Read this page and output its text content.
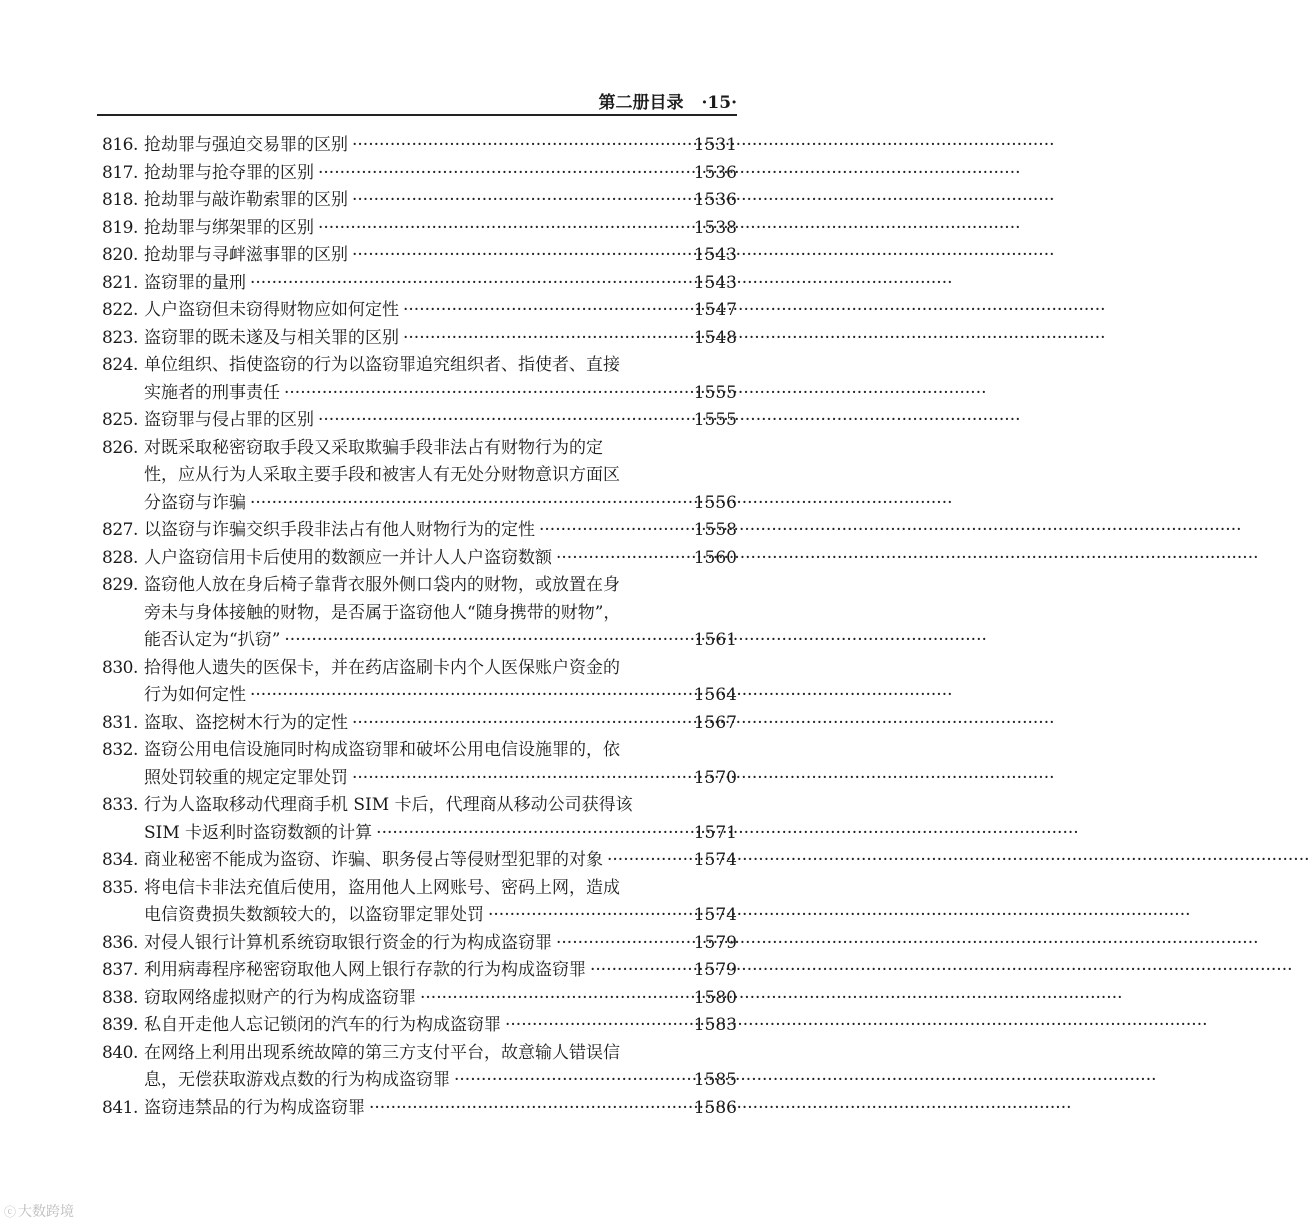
第二册目录 ·15·
816. 抢劫罪与强迫交易罪的区别 ·····	1531
817. 抢劫罪与抢夺罪的区别 ·····	1536
818. 抢劫罪与敲诈勒索罪的区别 ·····	1536
819. 抢劫罪与绑架罪的区别 ·····	1538
820. 抢劫罪与寻衅滋事罪的区别 ·····	1543
821. 盗窃罪的量刑 ·····	1543
822. 人户盗窃但未窃得财物应如何定性 ·····	1547
823. 盗窃罪的既未遂及与相关罪的区别 ·····	1548
824. 单位组织、指使盗窃的行为以盗窃罪追究组织者、指使者、直接
实施者的刑事责任 ·····	1555
825. 盗窃罪与侵占罪的区别 ·····	1555
826. 对既采取秘密窃取手段又采取欺骗手段非法占有财物行为的定
性，应从行为人采取主要手段和被害人有无处分财物意识方面区
分盗窃与诈骗 ·····	1556
827. 以盗窃与诈骗交织手段非法占有他人财物行为的定性 ·····	1558
828. 人户盗窃信用卡后使用的数额应一并计人人户盗窃数额 ·····	1560
829. 盗窃他人放在身后椅子靠背衣服外侧口袋内的财物，或放置在身
旁未与身体接触的财物，是否属于盗窃他人“随身携带的财物”，
能否认定为“扒窃” ·····	1561
830. 拾得他人遗失的医保卡，并在药店盗刷卡内个人医保账户资金的
行为如何定性 ·····	1564
831. 盗取、盗挖树木行为的定性 ·····	1567
832. 盗窃公用电信设施同时构成盗窃罪和破坏公用电信设施罪的，依
照处罚较重的规定定罪处罚 ·····	1570
833. 行为人盗取移动代理商手机 SIM 卡后，代理商从移动公司获得该
SIM 卡返利时盗窃数额的计算 ·····	1571
834. 商业秘密不能成为盗窃、诈骗、职务侵占等侵财型犯罪的对象 ·····	1574
835. 将电信卡非法充值后使用，盗用他人上网账号、密码上网，造成
电信资费损失数额较大的，以盗窃罪定罪处罚 ·····	1574
836. 对侵人银行计算机系统窃取银行资金的行为构成盗窃罪 ·····	1579
837. 利用病毒程序秘密窃取他人网上银行存款的行为构成盗窃罪 ·····	1579
838. 窃取网络虚拟财产的行为构成盗窃罪 ·····	1580
839. 私自开走他人忘记锁闭的汽车的行为构成盗窃罪 ·····	1583
840. 在网络上利用出现系统故障的第三方支付平台，故意输人错误信
息，无偿获取游戏点数的行为构成盗窃罪 ·····	1585
841. 盗窃违禁品的行为构成盗窃罪 ·····	1586
ⓒ 大数跨境
